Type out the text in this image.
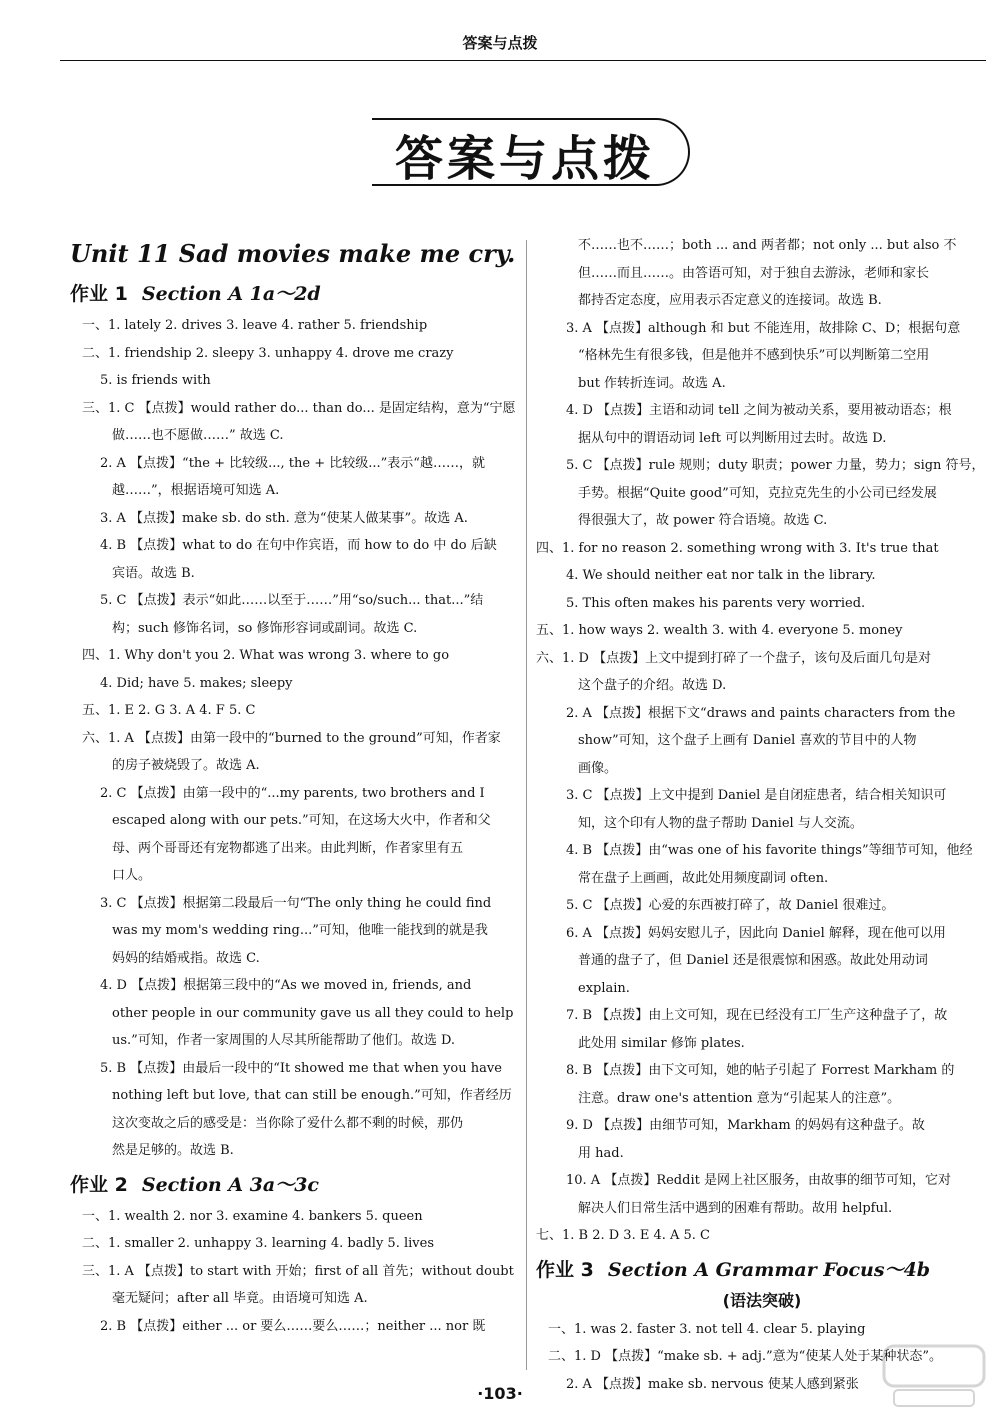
答案与点拨
答案与点拨
Unit 11 Sad movies make me cry.
作业 1 Section A 1a～2d
一、1. lately 2. drives 3. leave 4. rather 5. friendship
二、1. friendship 2. sleepy 3. unhappy 4. drove me crazy
5. is friends with
三、1. C 【点拨】would rather do... than do... 是固定结构，意为“宁愿
做……也不愿做……” 故选 C.
2. A 【点拨】“the + 比较级..., the + 比较级...”表示“越……，就
越……”，根据语境可知选 A.
3. A 【点拨】make sb. do sth. 意为“使某人做某事”。故选 A.
4. B 【点拨】what to do 在句中作宾语，而 how to do 中 do 后缺
宾语。故选 B.
5. C 【点拨】表示“如此……以至于……”用“so/such... that...”结
构；such 修饰名词，so 修饰形容词或副词。故选 C.
四、1. Why don't you 2. What was wrong 3. where to go
4. Did; have 5. makes; sleepy
五、1. E 2. G 3. A 4. F 5. C
六、1. A 【点拨】由第一段中的“burned to the ground”可知，作者家
的房子被烧毁了。故选 A.
2. C 【点拨】由第一段中的“...my parents, two brothers and I
escaped along with our pets.”可知，在这场大火中，作者和父
母、两个哥哥还有宠物都逃了出来。由此判断，作者家里有五
口人。
3. C 【点拨】根据第二段最后一句“The only thing he could find
was my mom's wedding ring...”可知，他唯一能找到的就是我
妈妈的结婚戒指。故选 C.
4. D 【点拨】根据第三段中的“As we moved in, friends, and
other people in our community gave us all they could to help
us.”可知，作者一家周围的人尽其所能帮助了他们。故选 D.
5. B 【点拨】由最后一段中的“It showed me that when you have
nothing left but love, that can still be enough.”可知，作者经历
这次变故之后的感受是：当你除了爱什么都不剩的时候，那仍
然是足够的。故选 B.
作业 2 Section A 3a～3c
一、1. wealth 2. nor 3. examine 4. bankers 5. queen
二、1. smaller 2. unhappy 3. learning 4. badly 5. lives
三、1. A 【点拨】to start with 开始；first of all 首先；without doubt
毫无疑问；after all 毕竟。由语境可知选 A.
2. B 【点拨】either ... or 要么……要么……；neither ... nor 既
不……也不……；both ... and 两者都；not only ... but also 不
但……而且……。由答语可知，对于独自去游泳，老师和家长
都持否定态度，应用表示否定意义的连接词。故选 B.
3. A 【点拨】although 和 but 不能连用，故排除 C、D；根据句意
“格林先生有很多钱，但是他并不感到快乐”可以判断第二空用
but 作转折连词。故选 A.
4. D 【点拨】主语和动词 tell 之间为被动关系，要用被动语态；根
据从句中的谓语动词 left 可以判断用过去时。故选 D.
5. C 【点拨】rule 规则；duty 职责；power 力量，势力；sign 符号，
手势。根据“Quite good”可知，克拉克先生的小公司已经发展
得很强大了，故 power 符合语境。故选 C.
四、1. for no reason 2. something wrong with 3. It's true that
4. We should neither eat nor talk in the library.
5. This often makes his parents very worried.
五、1. how ways 2. wealth 3. with 4. everyone 5. money
六、1. D 【点拨】上文中提到打碎了一个盘子，该句及后面几句是对
这个盘子的介绍。故选 D.
2. A 【点拨】根据下文“draws and paints characters from the
show”可知，这个盘子上画有 Daniel 喜欢的节目中的人物
画像。
3. C 【点拨】上文中提到 Daniel 是自闭症患者，结合相关知识可
知，这个印有人物的盘子帮助 Daniel 与人交流。
4. B 【点拨】由“was one of his favorite things”等细节可知，他经
常在盘子上画画，故此处用频度副词 often.
5. C 【点拨】心爱的东西被打碎了，故 Daniel 很难过。
6. A 【点拨】妈妈安慰儿子，因此向 Daniel 解释，现在他可以用
普通的盘子了，但 Daniel 还是很震惊和困惑。故此处用动词
explain.
7. B 【点拨】由上文可知，现在已经没有工厂生产这种盘子了，故
此处用 similar 修饰 plates.
8. B 【点拨】由下文可知，她的帖子引起了 Forrest Markham 的
注意。draw one's attention 意为“引起某人的注意”。
9. D 【点拨】由细节可知，Markham 的妈妈有这种盘子。故
用 had.
10. A 【点拨】Reddit 是网上社区服务，由故事的细节可知，它对
解决人们日常生活中遇到的困难有帮助。故用 helpful.
七、1. B 2. D 3. E 4. A 5. C
作业 3 Section A Grammar Focus～4b
(语法突破)
一、1. was 2. faster 3. not tell 4. clear 5. playing
二、1. D 【点拨】“make sb. + adj.”意为“使某人处于某种状态”。
2. A 【点拨】make sb. nervous 使某人感到紧张
·103·
